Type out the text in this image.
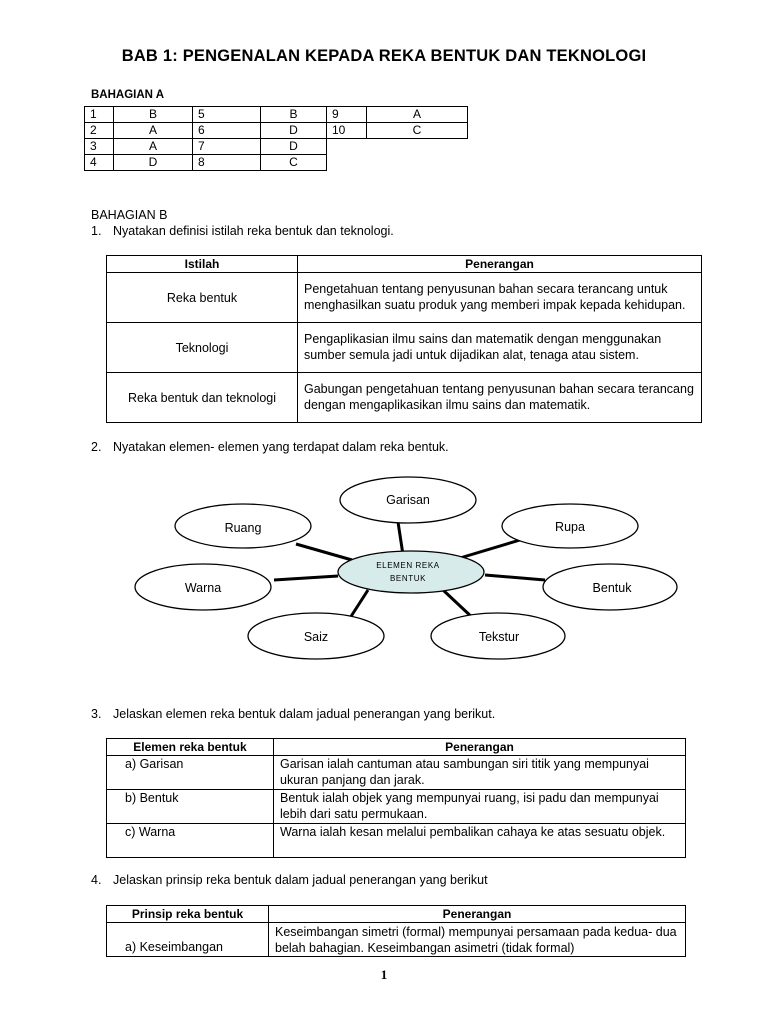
BAB 1: PENGENALAN KEPADA REKA BENTUK DAN TEKNOLOGI
BAHAGIAN A
1	B	5	B	9	A
2	A	6	D	10	C
3	A	7	D		
4	D	8	C		
BAHAGIAN B
1. Nyatakan definisi istilah reka bentuk dan teknologi.
Istilah	Penerangan
Reka bentuk	Pengetahuan tentang penyusunan bahan secara terancang untuk menghasilkan suatu produk yang memberi impak kepada kehidupan.
Teknologi	Pengaplikasian ilmu sains dan matematik dengan menggunakan sumber semula jadi untuk dijadikan alat, tenaga atau sistem.
Reka bentuk dan teknologi	Gabungan pengetahuan tentang penyusunan bahan secara terancang dengan mengaplikasikan ilmu sains dan matematik.
2. Nyatakan elemen- elemen yang terdapat dalam reka bentuk.
ELEMEN REKA
BENTUK
Garisan
Rupa
Bentuk
Tekstur
Saiz
Warna
Ruang
3. Jelaskan elemen reka bentuk dalam jadual penerangan yang berikut.
Elemen reka bentuk	Penerangan
a) Garisan	Garisan ialah cantuman atau sambungan siri titik yang mempunyai ukuran panjang dan jarak.
b) Bentuk	Bentuk ialah objek yang mempunyai ruang, isi padu dan mempunyai lebih dari satu permukaan.
c) Warna	Warna ialah kesan melalui pembalikan cahaya ke atas sesuatu objek.
4. Jelaskan prinsip reka bentuk dalam jadual penerangan yang berikut
Prinsip reka bentuk	Penerangan
a) Keseimbangan	Keseimbangan simetri (formal) mempunyai persamaan pada kedua- dua belah bahagian. Keseimbangan asimetri (tidak formal)
1
